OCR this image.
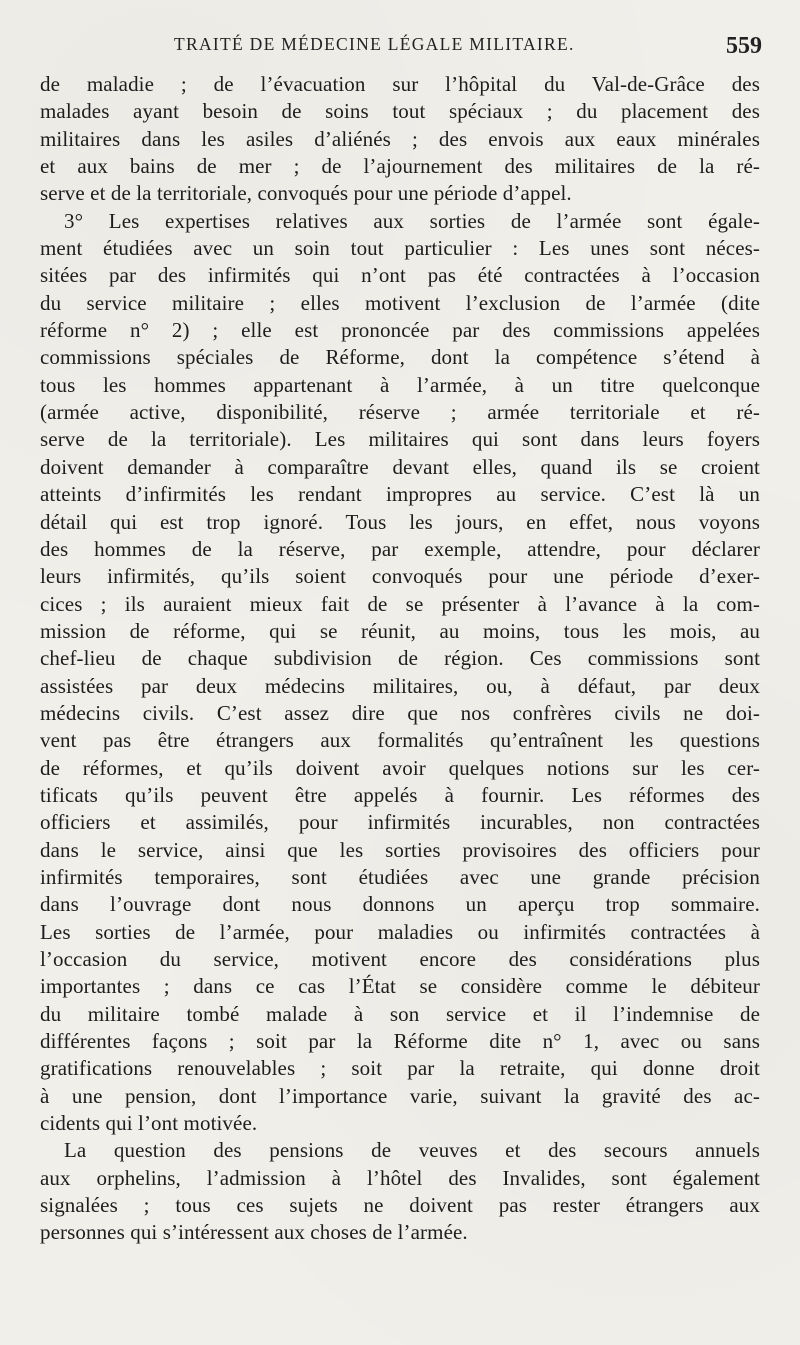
TRAITÉ DE MÉDECINE LÉGALE MILITAIRE.	559
de maladie ; de l’évacuation sur l’hôpital du Val-de-Grâce des
malades ayant besoin de soins tout spéciaux ; du placement des
militaires dans les asiles d’aliénés ; des envois aux eaux minérales
et aux bains de mer ; de l’ajournement des militaires de la ré-
serve et de la territoriale, convoqués pour une période d’appel.
3° Les expertises relatives aux sorties de l’armée sont égale-
ment étudiées avec un soin tout particulier : Les unes sont néces-
sitées par des infirmités qui n’ont pas été contractées à l’occasion
du service militaire ; elles motivent l’exclusion de l’armée (dite
réforme n° 2) ; elle est prononcée par des commissions appelées
commissions spéciales de Réforme, dont la compétence s’étend à
tous les hommes appartenant à l’armée, à un titre quelconque
(armée active, disponibilité, réserve ; armée territoriale et ré-
serve de la territoriale). Les militaires qui sont dans leurs foyers
doivent demander à comparaître devant elles, quand ils se croient
atteints d’infirmités les rendant impropres au service. C’est là un
détail qui est trop ignoré. Tous les jours, en effet, nous voyons
des hommes de la réserve, par exemple, attendre, pour déclarer
leurs infirmités, qu’ils soient convoqués pour une période d’exer-
cices ; ils auraient mieux fait de se présenter à l’avance à la com-
mission de réforme, qui se réunit, au moins, tous les mois, au
chef-lieu de chaque subdivision de région. Ces commissions sont
assistées par deux médecins militaires, ou, à défaut, par deux
médecins civils. C’est assez dire que nos confrères civils ne doi-
vent pas être étrangers aux formalités qu’entraînent les questions
de réformes, et qu’ils doivent avoir quelques notions sur les cer-
tificats qu’ils peuvent être appelés à fournir. Les réformes des
officiers et assimilés, pour infirmités incurables, non contractées
dans le service, ainsi que les sorties provisoires des officiers pour
infirmités temporaires, sont étudiées avec une grande précision
dans l’ouvrage dont nous donnons un aperçu trop sommaire.
Les sorties de l’armée, pour maladies ou infirmités contractées à
l’occasion du service, motivent encore des considérations plus
importantes ; dans ce cas l’État se considère comme le débiteur
du militaire tombé malade à son service et il l’indemnise de
différentes façons ; soit par la Réforme dite n° 1, avec ou sans
gratifications renouvelables ; soit par la retraite, qui donne droit
à une pension, dont l’importance varie, suivant la gravité des ac-
cidents qui l’ont motivée.
La question des pensions de veuves et des secours annuels
aux orphelins, l’admission à l’hôtel des Invalides, sont également
signalées ; tous ces sujets ne doivent pas rester étrangers aux
personnes qui s’intéressent aux choses de l’armée.
